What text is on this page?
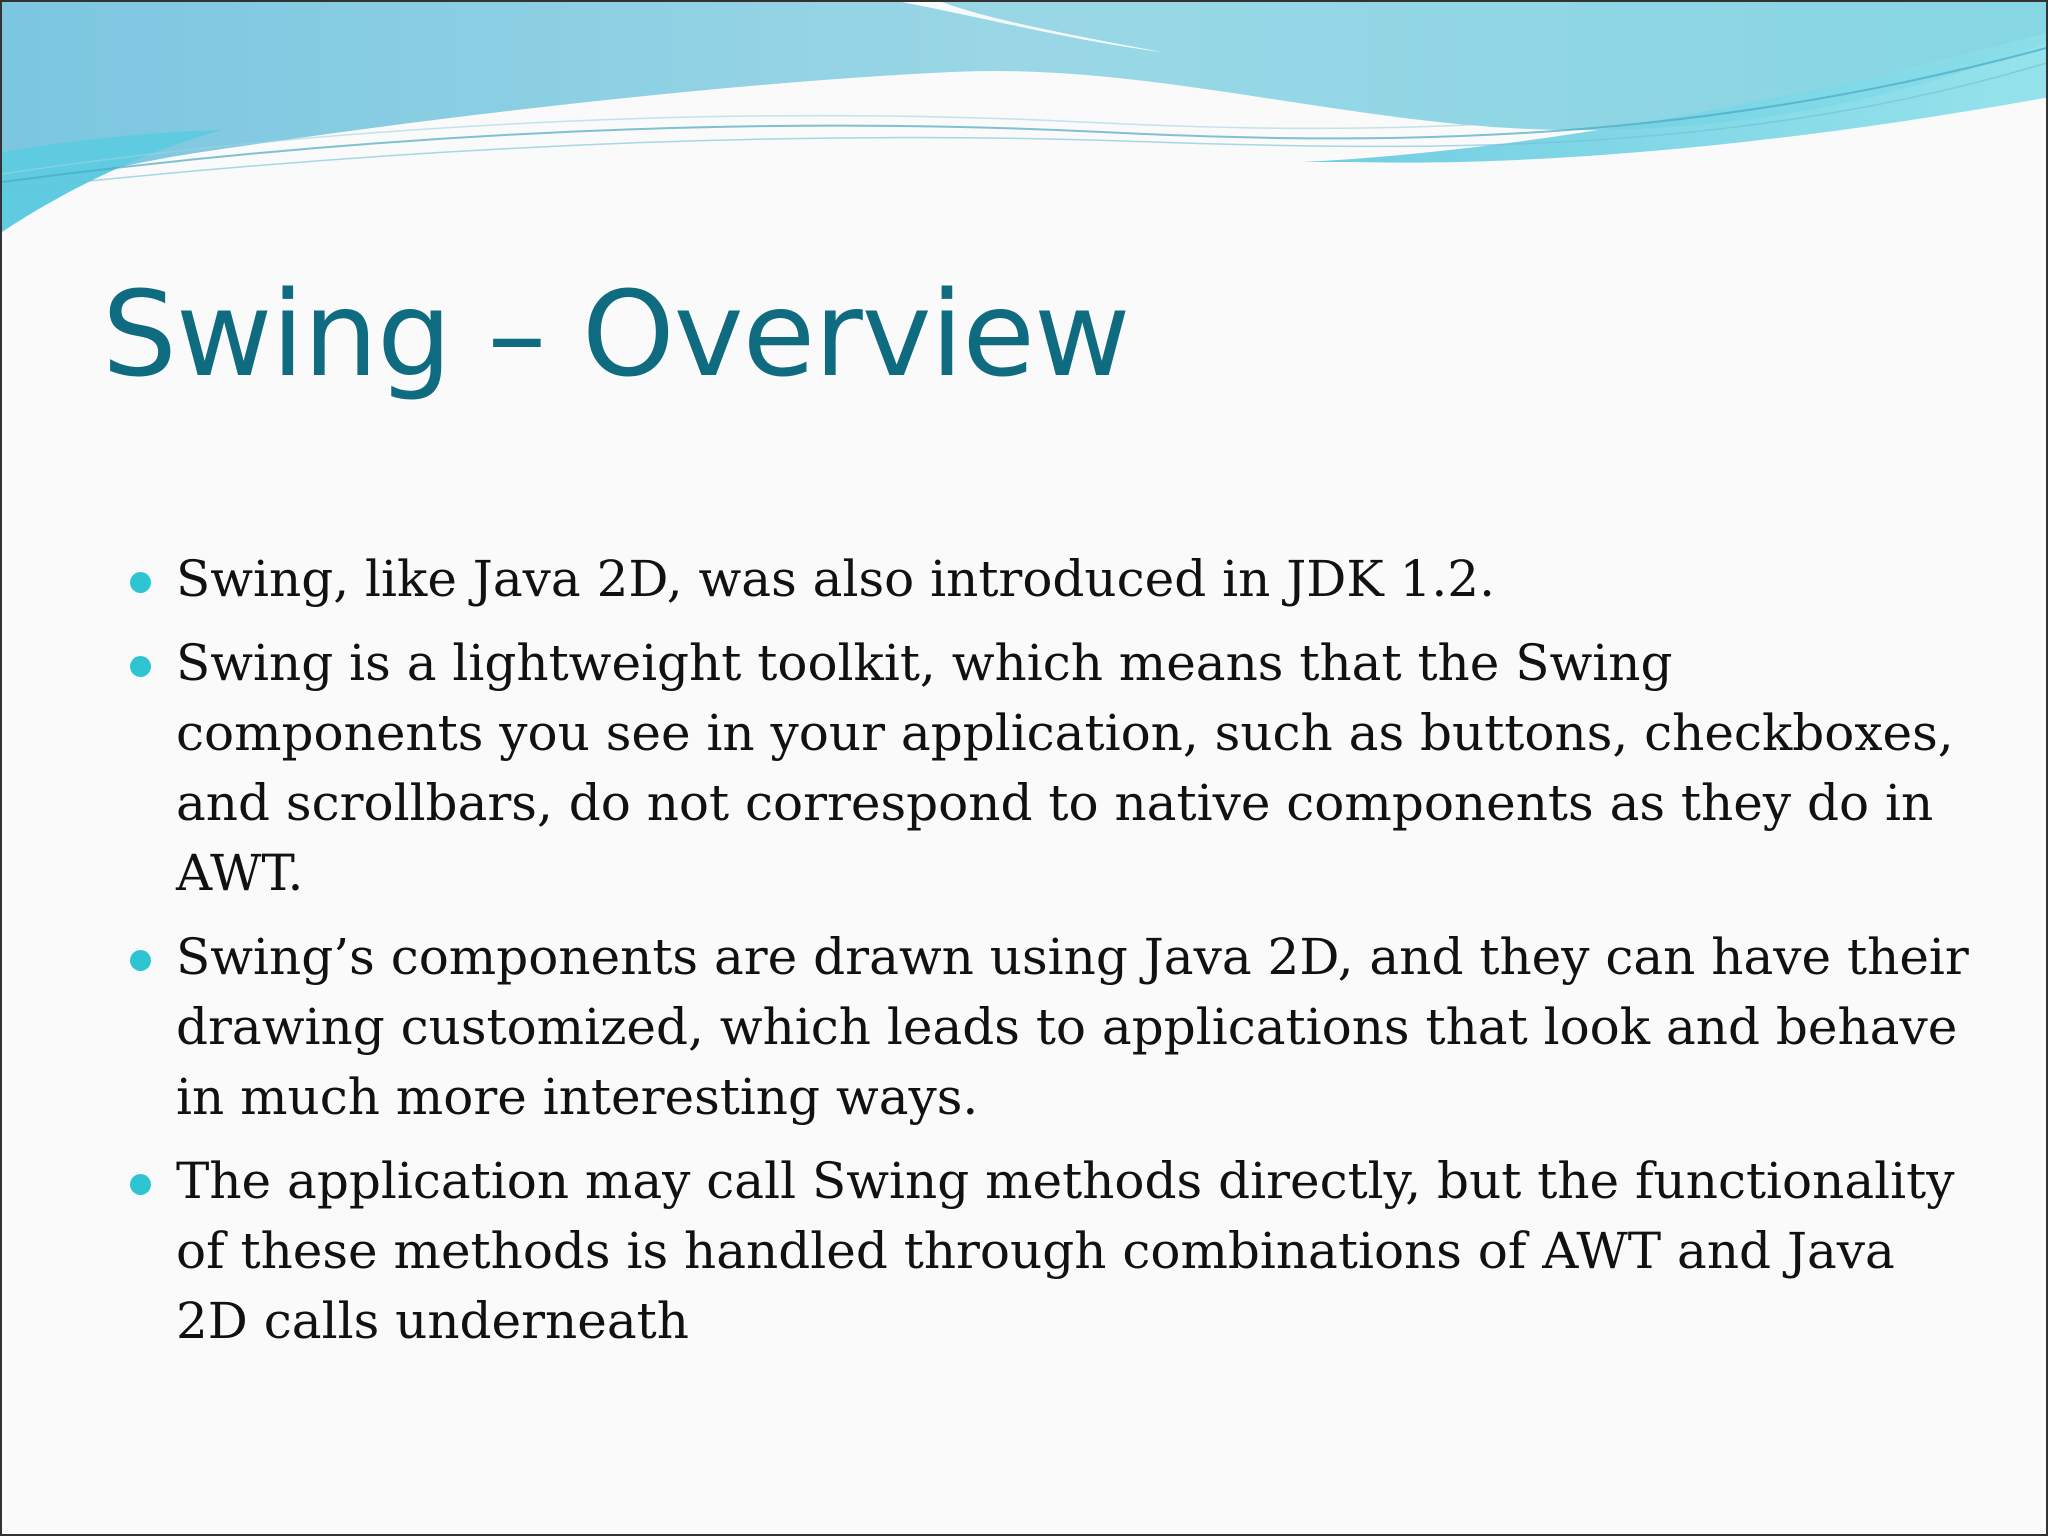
Swing – Overview
Swing, like Java 2D, was also introduced in JDK 1.2.
Swing is a lightweight toolkit, which means that the Swing components you see in your application, such as buttons, checkboxes, and scrollbars, do not correspond to native components as they do in AWT.
Swing’s components are drawn using Java 2D, and they can have their drawing customized, which leads to applications that look and behave in much more interesting ways.
The application may call Swing methods directly, but the functionality of these methods is handled through combinations of AWT and Java 2D calls underneath
